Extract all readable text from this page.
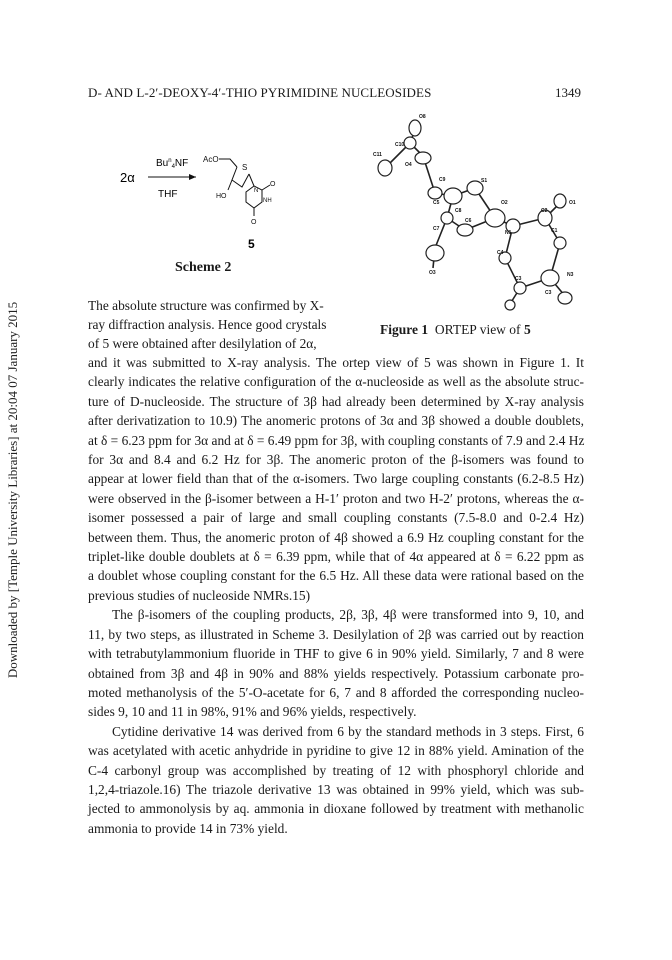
Downloaded by [Temple University Libraries] at 20:04 07 January 2015
D- AND L-2′-DEOXY-4′-THIO PYRIMIDINE NUCLEOSIDES	1349
2α
$Bu^n_4NF$
THF
AcO
S
HO
O
NH
O
N
5
Scheme 2
O8
C10
C11
O4
C9	S1
C5
C8
C6
C7
N1	C1
O1
C2
O2
C4
C3
O3	N3
C3
Figure 1 ORTEP view of 5
The absolute structure was confirmed by X-
ray diffraction analysis. Hence good crystals
of 5 were obtained after desilylation of 2α,

and it was submitted to X-ray analysis. The ortep view of 5 was shown in Figure 1. It
clearly indicates the relative configuration of the α-nucleoside as well as the absolute struc-
ture of D-nucleoside. The structure of 3β had already been determined by X-ray analysis
after derivatization to 10.9) The anomeric protons of 3α and 3β showed a double doublets,
at δ = 6.23 ppm for 3α and at δ = 6.49 ppm for 3β, with coupling constants of 7.9 and 2.4 Hz
for 3α and 8.4 and 6.2 Hz for 3β. The anomeric proton of the β-isomers was found to
appear at lower field than that of the α-isomers. Two large coupling constants (6.2-8.5 Hz)
were observed in the β-isomer between a H-1′ proton and two H-2′ protons, whereas the α-
isomer possessed a pair of large and small coupling constants (7.5-8.0 and 0-2.4 Hz)
between them. Thus, the anomeric proton of 4β showed a 6.9 Hz coupling constant for the
triplet-like double doublets at δ = 6.39 ppm, while that of 4α appeared at δ = 6.22 ppm as
a doublet whose coupling constant for the 6.5 Hz. All these data were rational based on the
previous studies of nucleoside NMRs.15)

The β-isomers of the coupling products, 2β, 3β, 4β were transformed into 9, 10, and
11, by two steps, as illustrated in Scheme 3. Desilylation of 2β was carried out by reaction
with tetrabutylammonium fluoride in THF to give 6 in 90% yield. Similarly, 7 and 8 were
obtained from 3β and 4β in 90% and 88% yields respectively. Potassium carbonate pro-
moted methanolysis of the 5′-O-acetate for 6, 7 and 8 afforded the corresponding nucleo-
sides 9, 10 and 11 in 98%, 91% and 96% yields, respectively.

Cytidine derivative 14 was derived from 6 by the standard methods in 3 steps. First, 6
was acetylated with acetic anhydride in pyridine to give 12 in 88% yield. Amination of the
C-4 carbonyl group was accomplished by treating of 12 with phosphoryl chloride and
1,2,4-triazole.16) The triazole derivative 13 was obtained in 99% yield, which was sub-
jected to ammonolysis by aq. ammonia in dioxane followed by treatment with methanolic
ammonia to provide 14 in 73% yield.
